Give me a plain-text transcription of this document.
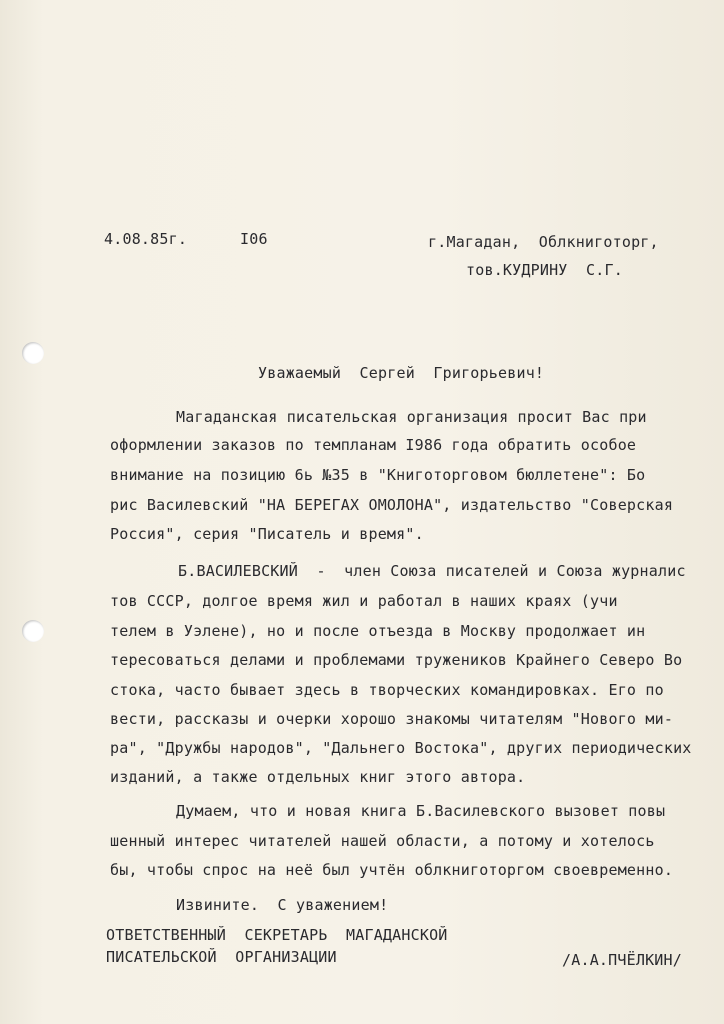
4.08.85г.	I06	г.Магадан,  Облкниготорг,
тов.КУДРИНУ  С.Г.
Уважаемый  Сергей  Григорьевич!
Магаданская писательская организация просит Вас при
оформлении заказов по темпланам I986 года обратить особое
внимание на позицию 6ь №35 в "Книготорговом бюллетене": Бо
рис Василевский "НА БЕРЕГАХ ОМОЛОНА", издательство "Соверская
Россия", серия "Писатель и время".
Б.ВАСИЛЕВСКИЙ  -  член Союза писателей и Союза журналис
тов СССР, долгое время жил и работал в наших краях (учи
телем в Уэлене), но и после отъезда в Москву продолжает ин
тересоваться делами и проблемами тружеников Крайнего Северо Во
стока, часто бывает здесь в творческих командировках. Его по
вести, рассказы и очерки хорошо знакомы читателям "Нового ми-
ра", "Дружбы народов", "Дальнего Востока", других периодических
изданий, а также отдельных книг этого автора.
Думаем, что и новая книга Б.Василевского вызовет повы
шенный интерес читателей нашей области, а потому и хотелось
бы, чтобы спрос на неё был учтён облкниготоргом своевременно.
Извините.  С уважением!
ОТВЕТСТВЕННЫЙ  СЕКРЕТАРЬ  МАГАДАНСКОЙ
ПИСАТЕЛЬСКОЙ  ОРГАНИЗАЦИИ	/А.А.ПЧЁЛКИН/
